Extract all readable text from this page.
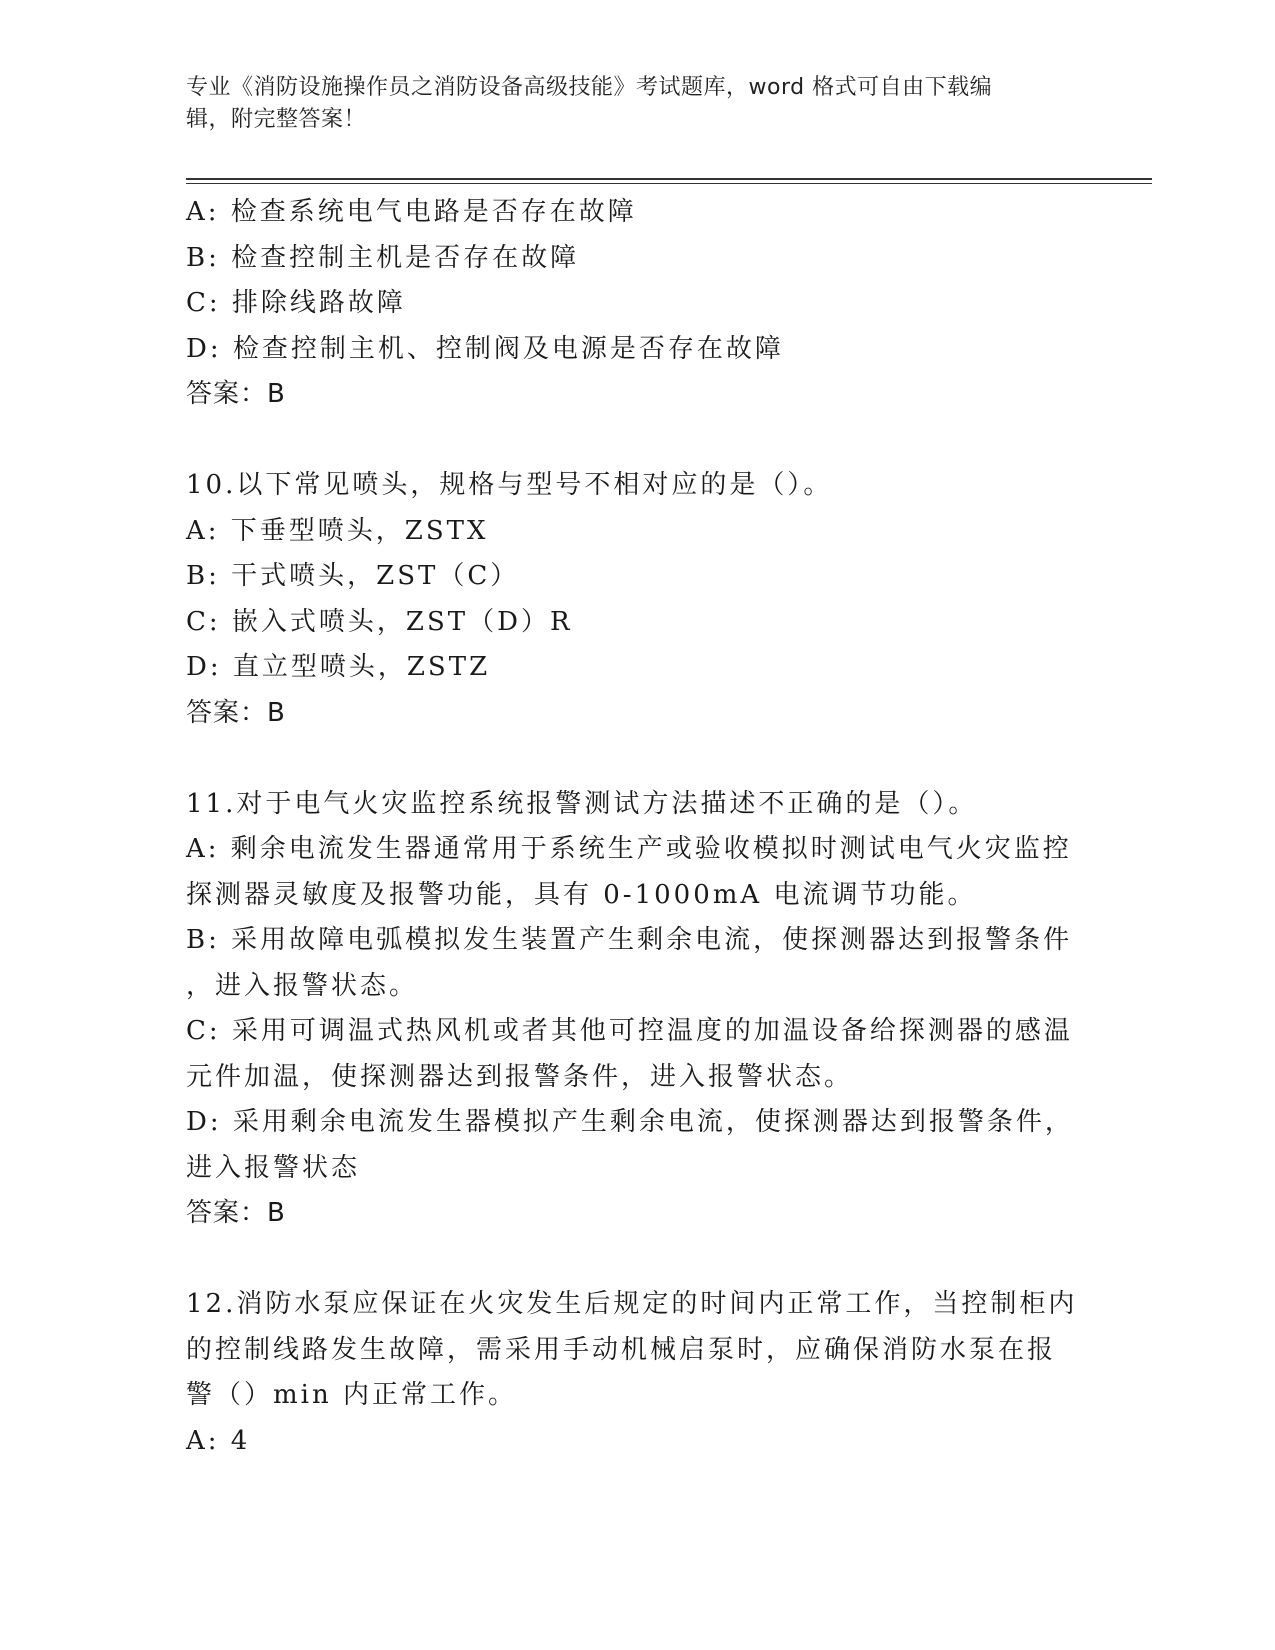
专业《消防设施操作员之消防设备高级技能》考试题库，word 格式可自由下载编
辑，附完整答案！
A: 检查系统电气电路是否存在故障
B: 检查控制主机是否存在故障
C: 排除线路故障
D: 检查控制主机、控制阀及电源是否存在故障
答案：B
10.以下常见喷头，规格与型号不相对应的是（）。
A: 下垂型喷头，ZSTX
B: 干式喷头，ZST（C）
C: 嵌入式喷头，ZST（D）R
D: 直立型喷头，ZSTZ
答案：B
11.对于电气火灾监控系统报警测试方法描述不正确的是（）。
A: 剩余电流发生器通常用于系统生产或验收模拟时测试电气火灾监控
探测器灵敏度及报警功能，具有 0-1000mA 电流调节功能。
B: 采用故障电弧模拟发生装置产生剩余电流，使探测器达到报警条件
，进入报警状态。
C: 采用可调温式热风机或者其他可控温度的加温设备给探测器的感温
元件加温，使探测器达到报警条件，进入报警状态。
D: 采用剩余电流发生器模拟产生剩余电流，使探测器达到报警条件，
进入报警状态
答案：B
12.消防水泵应保证在火灾发生后规定的时间内正常工作，当控制柜内
的控制线路发生故障，需采用手动机械启泵时，应确保消防水泵在报
警（）min 内正常工作。
A: 4
